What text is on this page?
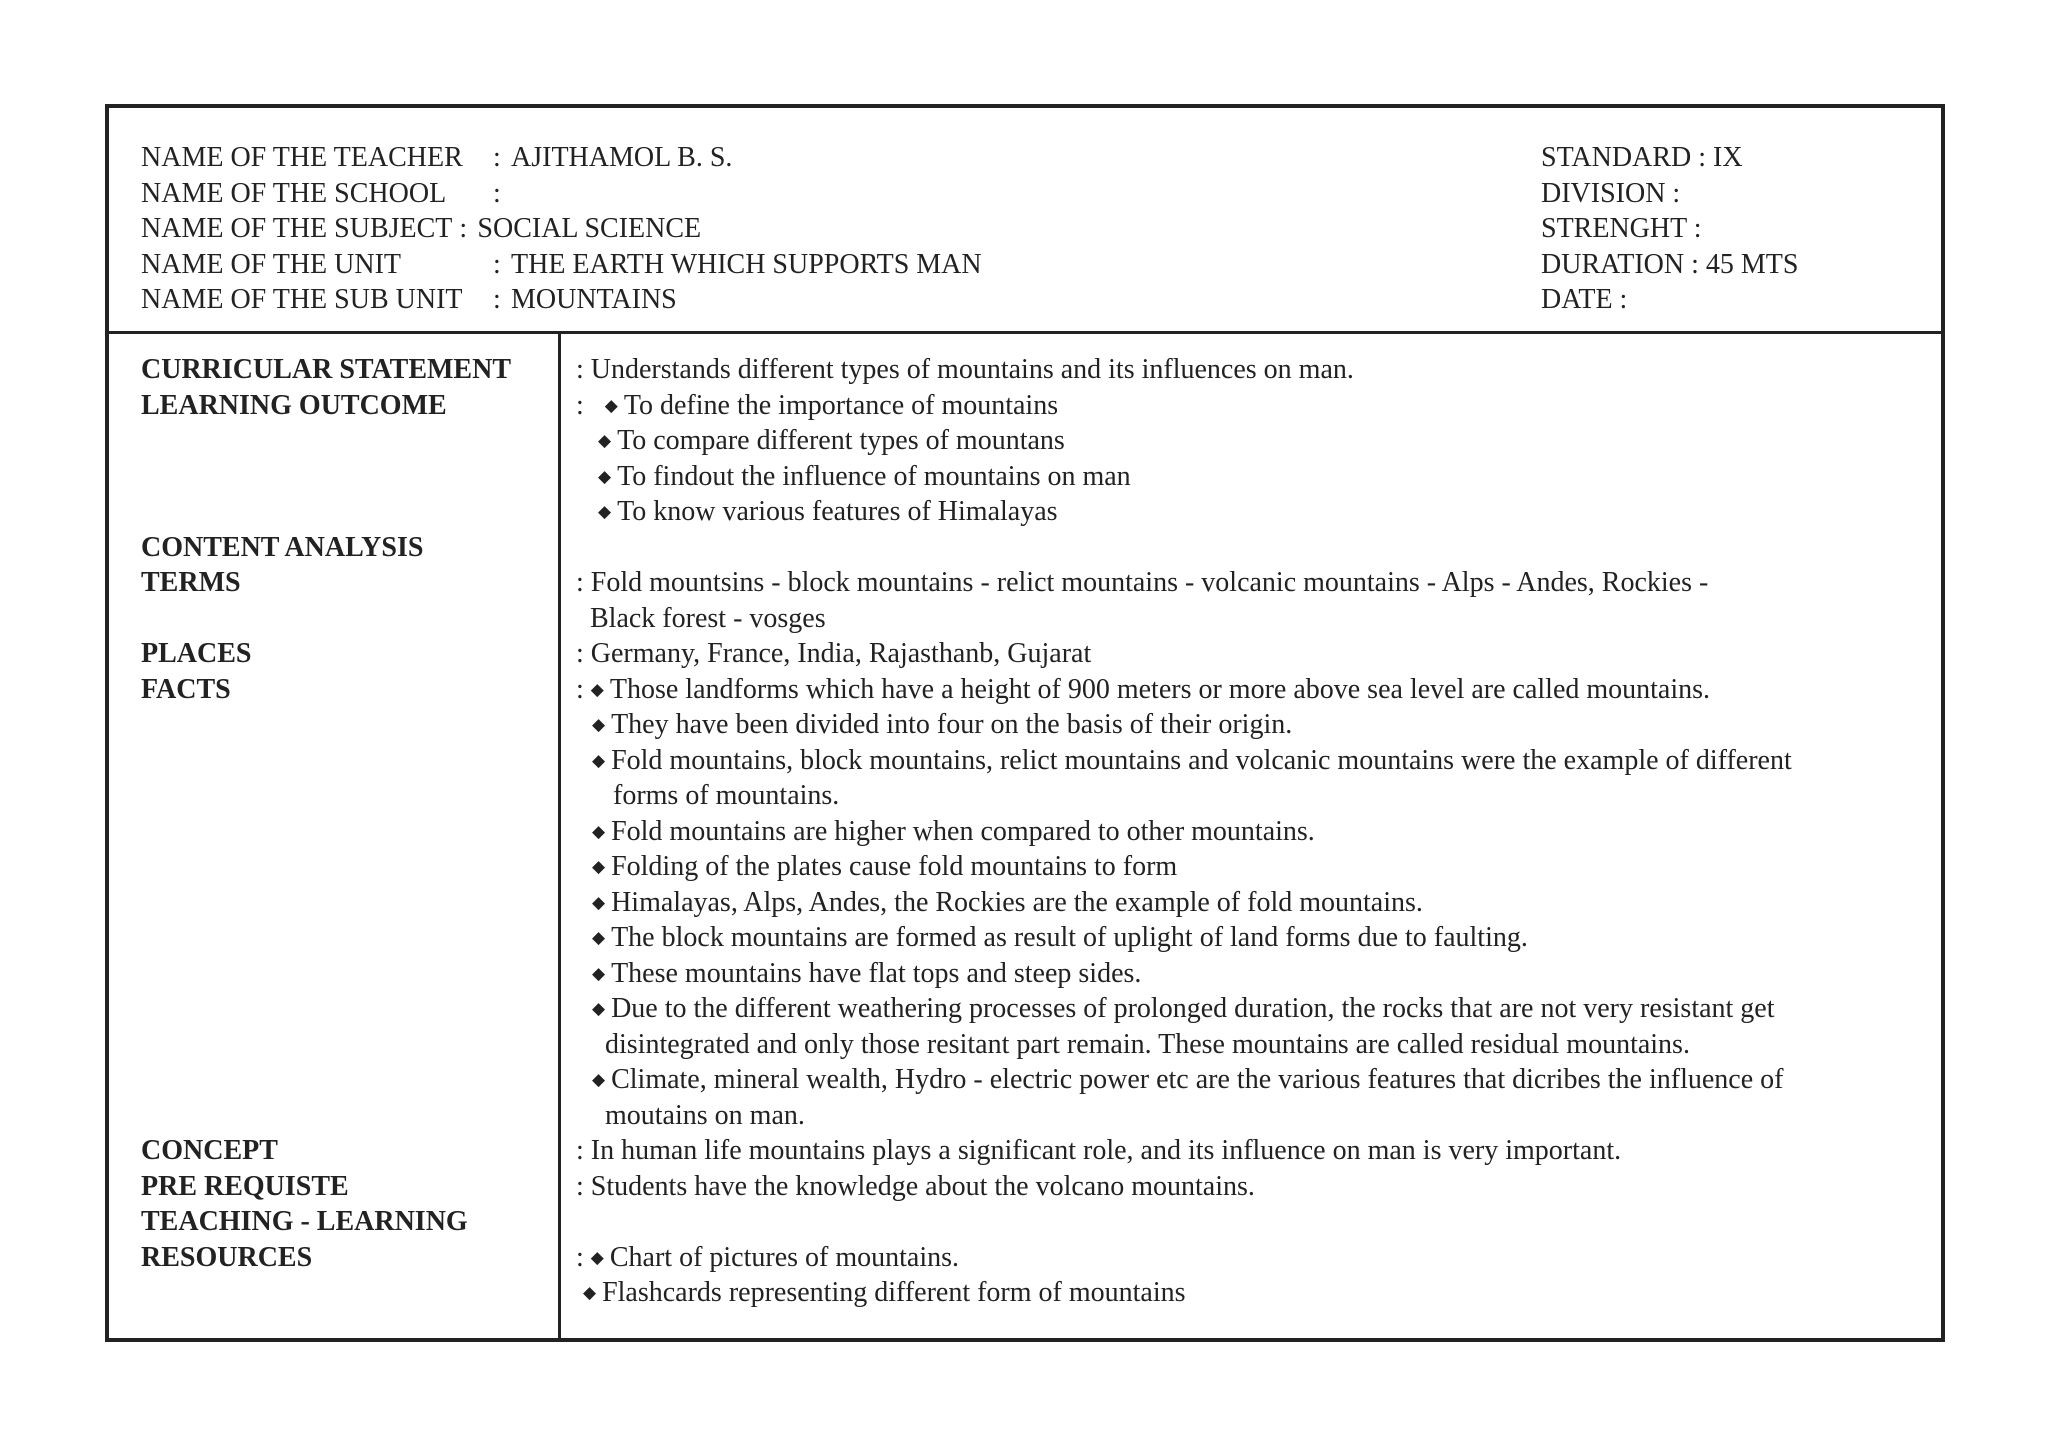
NAME OF THE TEACHER : AJITHAMOL B. S.
NAME OF THE SCHOOL :
NAME OF THE SUBJECT : SOCIAL SCIENCE
NAME OF THE UNIT	: THE EARTH WHICH SUPPORTS MAN
NAME OF THE SUB UNIT : MOUNTAINS
STANDARD : IX
DIVISION :
STRENGHT :
DURATION : 45 MTS
DATE :
CURRICULAR STATEMENT
LEARNING OUTCOME
CONTENT ANALYSIS
TERMS
PLACES
FACTS
CONCEPT
PRE REQUISTE
TEACHING - LEARNING
RESOURCES
: Understands different types of mountains and its influences on man.
: ◆ To define the importance of mountains
◆ To compare different types of mountans
◆ To findout the influence of mountains on man
◆ To know various features of Himalayas
: Fold mountsins - block mountains - relict mountains - volcanic mountains - Alps - Andes, Rockies -
Black forest - vosges
: Germany, France, India, Rajasthanb, Gujarat
: ◆ Those landforms which have a height of 900 meters or more above sea level are called mountains.
◆ They have been divided into four on the basis of their origin.
◆ Fold mountains, block mountains, relict mountains and volcanic mountains were the example of different
forms of mountains.
◆ Fold mountains are higher when compared to other mountains.
◆ Folding of the plates cause fold mountains to form
◆ Himalayas, Alps, Andes, the Rockies are the example of fold mountains.
◆ The block mountains are formed as result of uplight of land forms due to faulting.
◆ These mountains have flat tops and steep sides.
◆ Due to the different weathering processes of prolonged duration, the rocks that are not very resistant get
disintegrated and only those resitant part remain. These mountains are called residual mountains.
◆ Climate, mineral wealth, Hydro - electric power etc are the various features that dicribes the influence of
moutains on man.
: In human life mountains plays a significant role, and its influence on man is very important.
: Students have the knowledge about the volcano mountains.
: ◆ Chart of pictures of mountains.
◆ Flashcards representing different form of mountains
